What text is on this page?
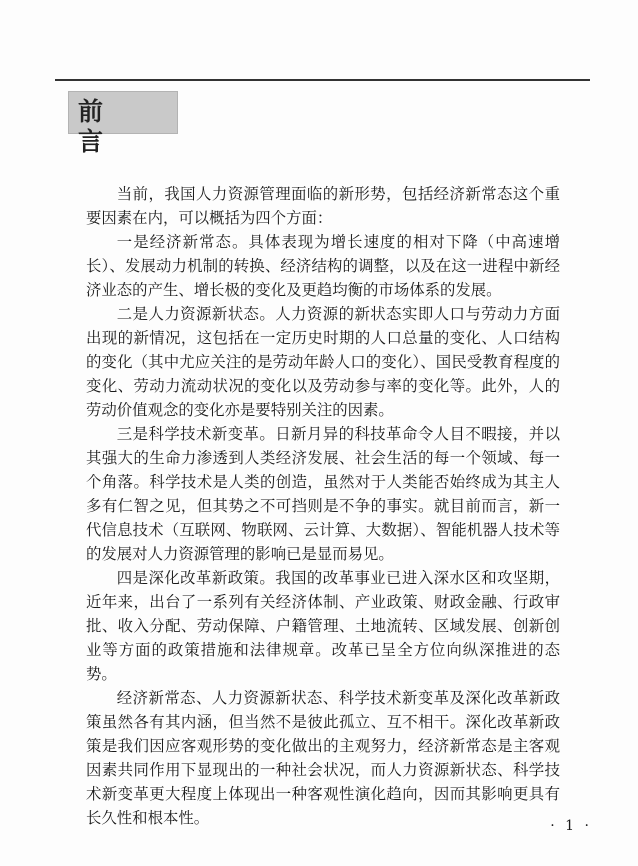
前言

当前，我国人力资源管理面临的新形势，包括经济新常态这个重要因素在内，可以概括为四个方面：

一是经济新常态。具体表现为增长速度的相对下降（中高速增长）、发展动力机制的转换、经济结构的调整，以及在这一进程中新经济业态的产生、增长极的变化及更趋均衡的市场体系的发展。

二是人力资源新状态。人力资源的新状态实即人口与劳动力方面出现的新情况，这包括在一定历史时期的人口总量的变化、人口结构的变化（其中尤应关注的是劳动年龄人口的变化）、国民受教育程度的变化、劳动力流动状况的变化以及劳动参与率的变化等。此外，人的劳动价值观念的变化亦是要特别关注的因素。

三是科学技术新变革。日新月异的科技革命令人目不暇接，并以其强大的生命力渗透到人类经济发展、社会生活的每一个领域、每一个角落。科学技术是人类的创造，虽然对于人类能否始终成为其主人多有仁智之见，但其势之不可挡则是不争的事实。就目前而言，新一代信息技术（互联网、物联网、云计算、大数据）、智能机器人技术等的发展对人力资源管理的影响已是显而易见。

四是深化改革新政策。我国的改革事业已进入深水区和攻坚期，近年来，出台了一系列有关经济体制、产业政策、财政金融、行政审批、收入分配、劳动保障、户籍管理、土地流转、区域发展、创新创业等方面的政策措施和法律规章。改革已呈全方位向纵深推进的态势。

经济新常态、人力资源新状态、科学技术新变革及深化改革新政策虽然各有其内涵，但当然不是彼此孤立、互不相干。深化改革新政策是我们因应客观形势的变化做出的主观努力，经济新常态是主客观因素共同作用下显现出的一种社会状况，而人力资源新状态、科学技术新变革更大程度上体现出一种客观性演化趋向，因而其影响更具有长久性和根本性。	· 1 ·
